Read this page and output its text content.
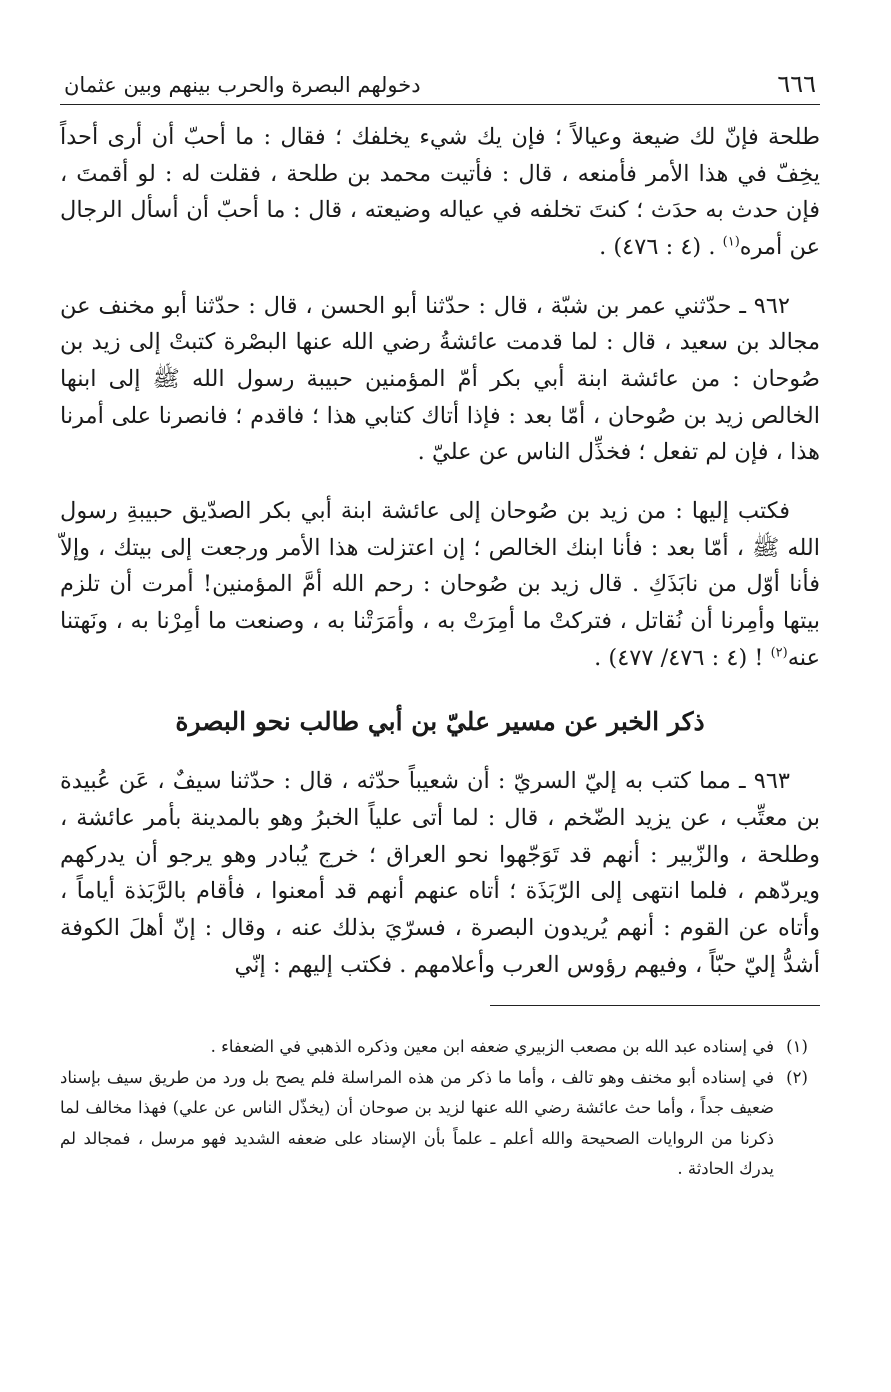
٦٦٦
دخولهم البصرة والحرب بينهم وبين عثمان

طلحة فإنّ لك ضيعة وعيالاً ؛ فإن يك شيء يخلفك ؛ فقال : ما أحبّ أن أرى أحداً يخِفّ في هذا الأمر فأمنعه ، قال : فأتيت محمد بن طلحة ، فقلت له : لو أقمتَ ، فإن حدث به حدَث ؛ كنتَ تخلفه في عياله وضيعته ، قال : ما أحبّ أن أسأل الرجال عن أمره$^{(١)}$ . (٤ : ٤٧٦) .

٩٦٢ ـ حدّثني عمر بن شبّة ، قال : حدّثنا أبو الحسن ، قال : حدّثنا أبو مخنف عن مجالد بن سعيد ، قال : لما قدمت عائشةُ رضي الله عنها البصْرة كتبتْ إلى زيد بن صُوحان : من عائشة ابنة أبي بكر أمّ المؤمنين حبيبة رسول الله ﷺ إلى ابنها الخالص زيد بن صُوحان ، أمّا بعد : فإذا أتاك كتابي هذا ؛ فاقدم ؛ فانصرنا على أمرنا هذا ، فإن لم تفعل ؛ فخذِّل الناس عن عليّ .

فكتب إليها : من زيد بن صُوحان إلى عائشة ابنة أبي بكر الصدّيق حبيبةِ رسول الله ﷺ ، أمّا بعد : فأنا ابنك الخالص ؛ إن اعتزلت هذا الأمر ورجعت إلى بيتك ، وإلاّ فأنا أوّل من نابَذَكِ . قال زيد بن صُوحان : رحم الله أمَّ المؤمنين! أمرت أن تلزم بيتها وأمِرنا أن نُقاتل ، فتركتْ ما أمِرَتْ به ، وأمَرَتْنا به ، وصنعت ما أمِرْنا به ، ونَهتنا عنه$^{(٢)}$ ! (٤ : ٤٧٦/ ٤٧٧) .

ذكر الخبر عن مسير عليّ بن أبي طالب نحو البصرة

٩٦٣ ـ مما كتب به إليّ السريّ : أن شعيباً حدّثه ، قال : حدّثنا سيفٌ ، عَن عُبيدة بن معتِّب ، عن يزيد الضّخم ، قال : لما أتى علياً الخبرُ وهو بالمدينة بأمر عائشة ، وطلحة ، والزّبير : أنهم قد تَوَجّهوا نحو العراق ؛ خرج يُبادر وهو يرجو أن يدركهم ويردّهم ، فلما انتهى إلى الرّبَذَة ؛ أتاه عنهم أنهم قد أمعنوا ، فأقام بالرَّبَذة أياماً ، وأتاه عن القوم : أنهم يُريدون البصرة ، فسرّيَ بذلك عنه ، وقال : إنّ أهلَ الكوفة أشدُّ إليّ حبّاً ، وفيهم رؤوس العرب وأعلامهم . فكتب إليهم : إنّي

(١)
في إسناده عبد الله بن مصعب الزبيري ضعفه ابن معين وذكره الذهبي في الضعفاء .
(٢)
في إسناده أبو مخنف وهو تالف ، وأما ما ذكر من هذه المراسلة فلم يصح بل ورد من طريق سيف بإسناد ضعيف جداً ، وأما حث عائشة رضي الله عنها لزيد بن صوحان أن (يخذّل الناس عن علي) فهذا مخالف لما ذكرنا من الروايات الصحيحة والله أعلم ـ علماً بأن الإسناد على ضعفه الشديد فهو مرسل ، فمجالد لم يدرك الحادثة .
